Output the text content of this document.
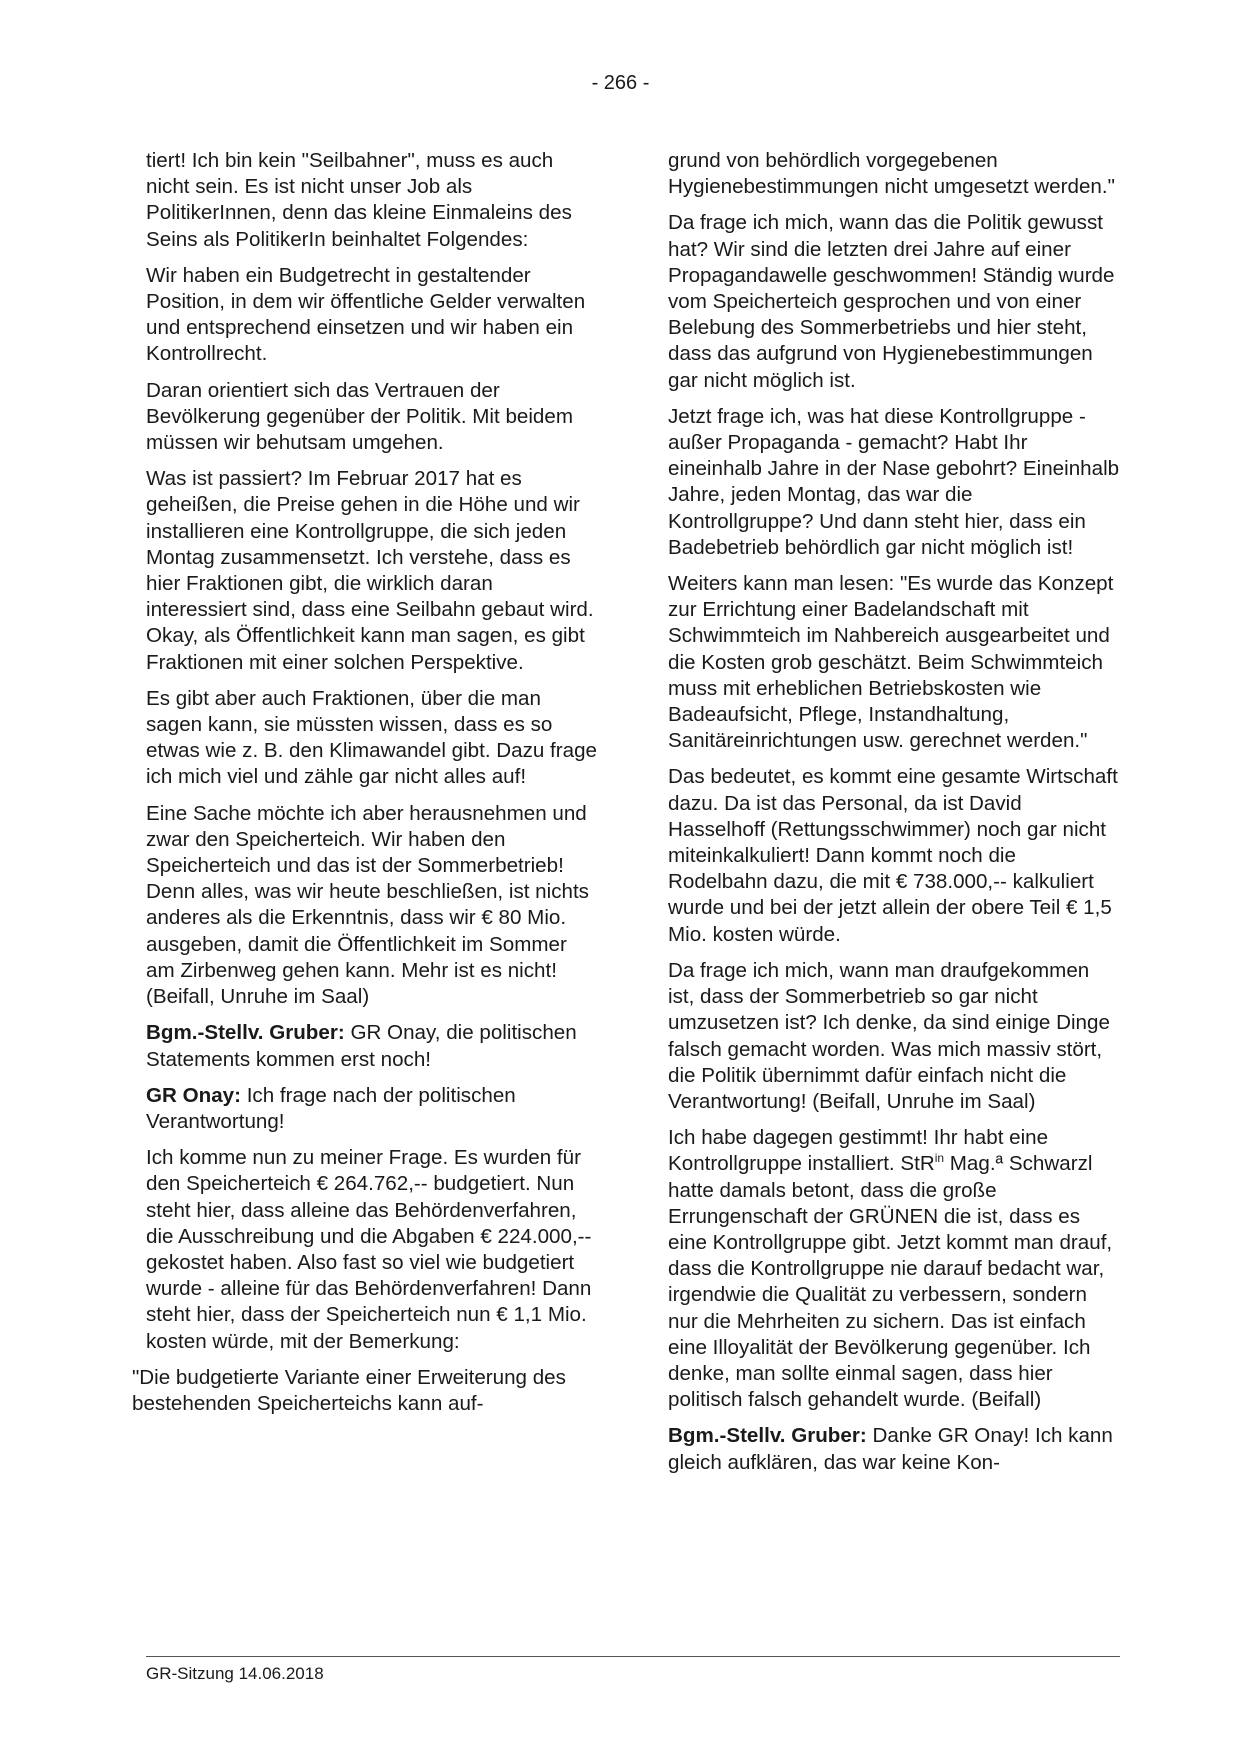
- 266 -

tiert! Ich bin kein "Seilbahner", muss es auch nicht sein. Es ist nicht unser Job als PolitikerInnen, denn das kleine Einmaleins des Seins als PolitikerIn beinhaltet Folgendes:

Wir haben ein Budgetrecht in gestaltender Position, in dem wir öffentliche Gelder verwalten und entsprechend einsetzen und wir haben ein Kontrollrecht.

Daran orientiert sich das Vertrauen der Bevölkerung gegenüber der Politik. Mit beidem müssen wir behutsam umgehen.

Was ist passiert? Im Februar 2017 hat es geheißen, die Preise gehen in die Höhe und wir installieren eine Kontrollgruppe, die sich jeden Montag zusammensetzt. Ich verstehe, dass es hier Fraktionen gibt, die wirklich daran interessiert sind, dass eine Seilbahn gebaut wird. Okay, als Öffentlichkeit kann man sagen, es gibt Fraktionen mit einer solchen Perspektive.

Es gibt aber auch Fraktionen, über die man sagen kann, sie müssten wissen, dass es so etwas wie z. B. den Klimawandel gibt. Dazu frage ich mich viel und zähle gar nicht alles auf!

Eine Sache möchte ich aber herausnehmen und zwar den Speicherteich. Wir haben den Speicherteich und das ist der Sommerbetrieb! Denn alles, was wir heute beschließen, ist nichts anderes als die Erkenntnis, dass wir € 80 Mio. ausgeben, damit die Öffentlichkeit im Sommer am Zirbenweg gehen kann. Mehr ist es nicht! (Beifall, Unruhe im Saal)

Bgm.-Stellv. Gruber: GR Onay, die politischen Statements kommen erst noch!

GR Onay: Ich frage nach der politischen Verantwortung!

Ich komme nun zu meiner Frage. Es wurden für den Speicherteich € 264.762,-- budgetiert. Nun steht hier, dass alleine das Behördenverfahren, die Ausschreibung und die Abgaben € 224.000,-- gekostet haben. Also fast so viel wie budgetiert wurde - alleine für das Behördenverfahren! Dann steht hier, dass der Speicherteich nun € 1,1 Mio. kosten würde, mit der Bemerkung:

"Die budgetierte Variante einer Erweiterung des bestehenden Speicherteichs kann auf-

grund von behördlich vorgegebenen Hygienebestimmungen nicht umgesetzt werden."

Da frage ich mich, wann das die Politik gewusst hat? Wir sind die letzten drei Jahre auf einer Propagandawelle geschwommen! Ständig wurde vom Speicherteich gesprochen und von einer Belebung des Sommerbetriebs und hier steht, dass das aufgrund von Hygienebestimmungen gar nicht möglich ist.

Jetzt frage ich, was hat diese Kontrollgruppe - außer Propaganda - gemacht? Habt Ihr eineinhalb Jahre in der Nase gebohrt? Eineinhalb Jahre, jeden Montag, das war die Kontrollgruppe? Und dann steht hier, dass ein Badebetrieb behördlich gar nicht möglich ist!

Weiters kann man lesen: "Es wurde das Konzept zur Errichtung einer Badelandschaft mit Schwimmteich im Nahbereich ausgearbeitet und die Kosten grob geschätzt. Beim Schwimmteich muss mit erheblichen Betriebskosten wie Badeaufsicht, Pflege, Instandhaltung, Sanitäreinrichtungen usw. gerechnet werden."

Das bedeutet, es kommt eine gesamte Wirtschaft dazu. Da ist das Personal, da ist David Hasselhoff (Rettungsschwimmer) noch gar nicht miteinkalkuliert! Dann kommt noch die Rodelbahn dazu, die mit € 738.000,-- kalkuliert wurde und bei der jetzt allein der obere Teil € 1,5 Mio. kosten würde.

Da frage ich mich, wann man draufgekommen ist, dass der Sommerbetrieb so gar nicht umzusetzen ist? Ich denke, da sind einige Dinge falsch gemacht worden. Was mich massiv stört, die Politik übernimmt dafür einfach nicht die Verantwortung! (Beifall, Unruhe im Saal)

Ich habe dagegen gestimmt! Ihr habt eine Kontrollgruppe installiert. StR$^{in}$ Mag.ª Schwarzl hatte damals betont, dass die große Errungenschaft der GRÜNEN die ist, dass es eine Kontrollgruppe gibt. Jetzt kommt man drauf, dass die Kontrollgruppe nie darauf bedacht war, irgendwie die Qualität zu verbessern, sondern nur die Mehrheiten zu sichern. Das ist einfach eine Illoyalität der Bevölkerung gegenüber. Ich denke, man sollte einmal sagen, dass hier politisch falsch gehandelt wurde. (Beifall)

Bgm.-Stellv. Gruber: Danke GR Onay! Ich kann gleich aufklären, das war keine Kon-

GR-Sitzung 14.06.2018
